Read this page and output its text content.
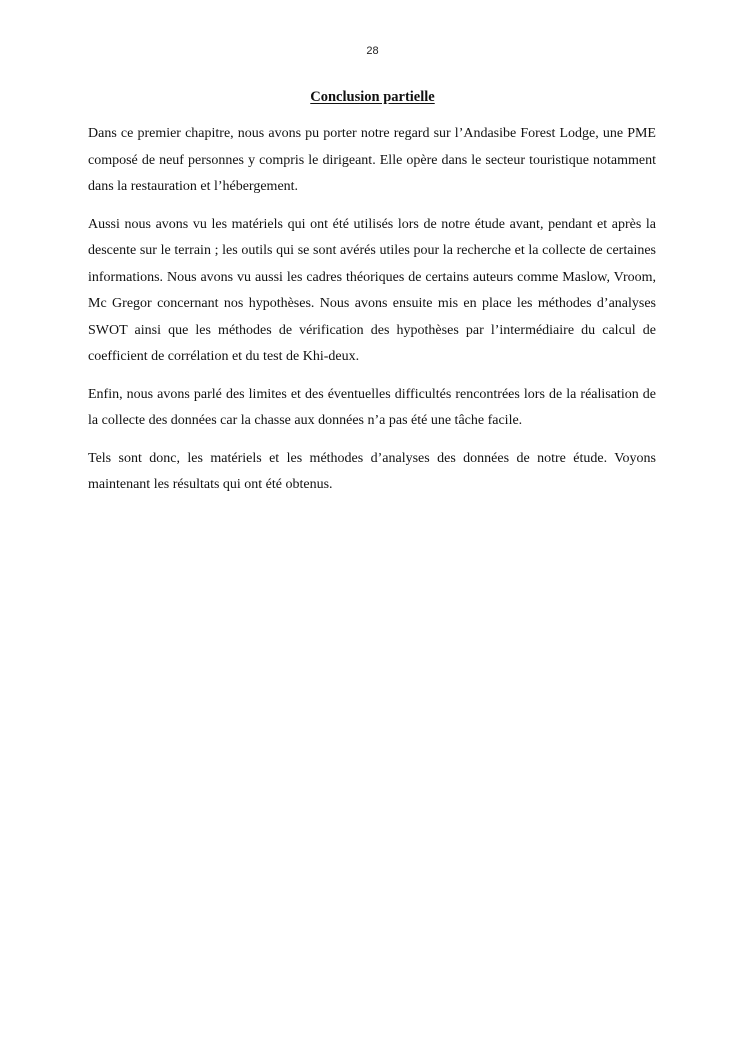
28
Conclusion partielle

Dans ce premier chapitre, nous avons pu porter notre regard sur l’Andasibe Forest Lodge, une PME composé de neuf personnes y compris le dirigeant. Elle opère dans le secteur touristique notamment dans la restauration et l’hébergement.

Aussi nous avons vu les matériels qui ont été utilisés lors de notre étude avant, pendant et après la descente sur le terrain ; les outils qui se sont avérés utiles pour la recherche et la collecte de certaines informations. Nous avons vu aussi les cadres théoriques de certains auteurs comme Maslow, Vroom, Mc Gregor concernant nos hypothèses. Nous avons ensuite mis en place les méthodes d’analyses SWOT ainsi que les méthodes de vérification des hypothèses par l’intermédiaire du calcul de coefficient de corrélation et du test de Khi-deux.

Enfin, nous avons parlé des limites et des éventuelles difficultés rencontrées lors de la réalisation de la collecte des données car la chasse aux données n’a pas été une tâche facile.

Tels sont donc, les matériels et les méthodes d’analyses des données de notre étude. Voyons maintenant les résultats qui ont été obtenus.
